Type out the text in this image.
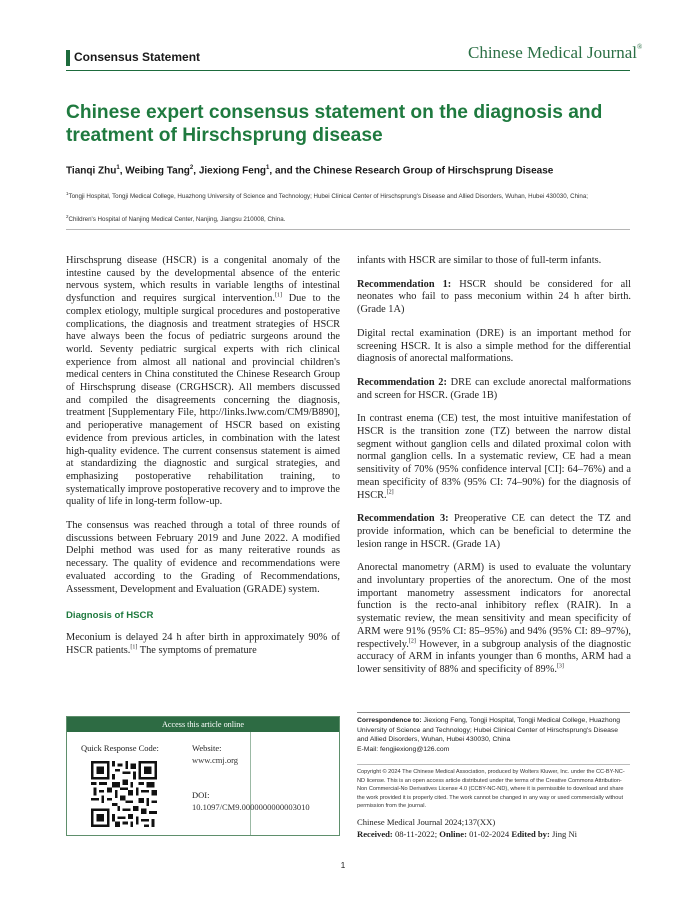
Consensus Statement	Chinese Medical Journal®
Chinese expert consensus statement on the diagnosis and treatment of Hirschsprung disease
Tianqi Zhu$^1$, Weibing Tang$^2$, Jiexiong Feng$^1$, and the Chinese Research Group of Hirschsprung Disease
$^1$Tongji Hospital, Tongji Medical College, Huazhong University of Science and Technology; Hubei Clinical Center of Hirschsprung's Disease and Allied Disorders, Wuhan, Hubei 430030, China;
$^2$Children's Hospital of Nanjing Medical Center, Nanjing, Jiangsu 210008, China.

Hirschsprung disease (HSCR) is a congenital anomaly of the intestine caused by the developmental absence of the enteric nervous system, which results in variable lengths of intestinal dysfunction and requires surgical intervention.[1] Due to the complex etiology, multiple surgical procedures and postoperative complications, the diagnosis and treatment strategies of HSCR have always been the focus of pediatric surgeons around the world. Seventy pediatric surgical experts with rich clinical experience from almost all national and provincial children's medical centers in China constituted the Chinese Research Group of Hirschsprung disease (CRGHSCR). All members discussed and compiled the disagreements concerning the diagnosis, treatment [Supplementary File, http://links.lww.com/CM9/B890], and perioperative management of HSCR based on existing evidence from previous articles, in combination with the latest high-quality evidence. The current consensus statement is aimed at standardizing the diagnostic and surgical strategies, and emphasizing postoperative rehabilitation training, to systematically improve postoperative recovery and to improve the quality of life in long-term follow-up.

The consensus was reached through a total of three rounds of discussions between February 2019 and June 2022. A modified Delphi method was used for as many reiterative rounds as necessary. The quality of evidence and recommendations were evaluated according to the Grading of Recommendations, Assessment, Development and Evaluation (GRADE) system.

Diagnosis of HSCR

Meconium is delayed 24 h after birth in approximately 90% of HSCR patients.[1] The symptoms of premature

infants with HSCR are similar to those of full-term infants.

Recommendation 1: HSCR should be considered for all neonates who fail to pass meconium within 24 h after birth. (Grade 1A)

Digital rectal examination (DRE) is an important method for screening HSCR. It is also a simple method for the differential diagnosis of anorectal malformations.

Recommendation 2: DRE can exclude anorectal malformations and screen for HSCR. (Grade 1B)

In contrast enema (CE) test, the most intuitive manifestation of HSCR is the transition zone (TZ) between the narrow distal segment without ganglion cells and dilated proximal colon with normal ganglion cells. In a systematic review, CE had a mean sensitivity of 70% (95% confidence interval [CI]: 64–76%) and a mean specificity of 83% (95% CI: 74–90%) for the diagnosis of HSCR.[2]

Recommendation 3: Preoperative CE can detect the TZ and provide information, which can be beneficial to determine the lesion range in HSCR. (Grade 1A)

Anorectal manometry (ARM) is used to evaluate the voluntary and involuntary properties of the anorectum. One of the most important manometry assessment indicators for anorectal function is the recto-anal inhibitory reflex (RAIR). In a systematic review, the mean sensitivity and mean specificity of ARM were 91% (95% CI: 85–95%) and 94% (95% CI: 89–97%), respectively.[2] However, in a subgroup analysis of the diagnostic accuracy of ARM in infants younger than 6 months, ARM had a lower sensitivity of 88% and specificity of 89%.[3]

Access this article online
Quick Response Code:	Website:
www.cmj.org
DOI:
10.1097/CM9.0000000000003010
Correspondence to: Jiexiong Feng, Tongji Hospital, Tongji Medical College, Huazhong University of Science and Technology; Hubei Clinical Center of Hirschsprung's Disease and Allied Disorders, Wuhan, Hubei 430030, China
E-Mail: fengjiexiong@126.com
Copyright © 2024 The Chinese Medical Association, produced by Wolters Kluwer, Inc. under the CC-BY-NC-ND license. This is an open access article distributed under the terms of the Creative Commons Attribution-Non Commercial-No Derivatives License 4.0 (CCBY-NC-ND), where it is permissible to download and share the work provided it is properly cited. The work cannot be changed in any way or used commercially without permission from the journal.
Chinese Medical Journal 2024;137(XX)
Received: 08-11-2022; Online: 01-02-2024 Edited by: Jing Ni
1
